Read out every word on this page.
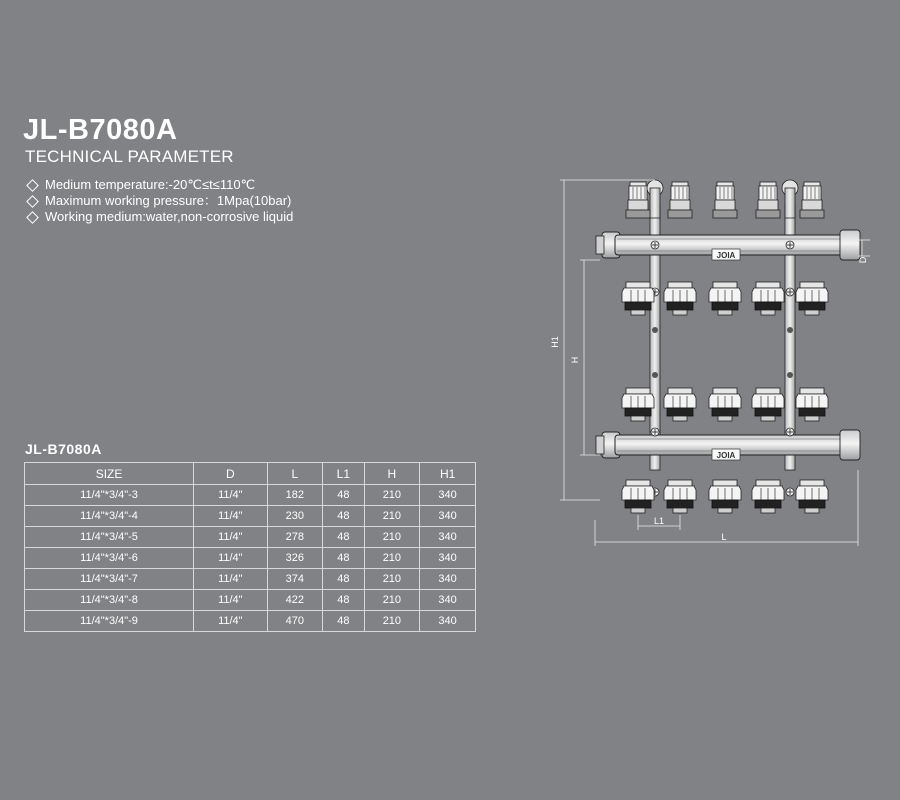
JL-B7080A
TECHNICAL PARAMETER
Medium temperature:-20℃≤t≤110℃
Maximum working pressure：1Mpa(10bar)
Working medium:water,non-corrosive liquid
JL-B7080A
SIZE	D	L	L1	H	H1
11/4"*3/4"-3	11/4"	182	48	210	340
11/4"*3/4"-4	11/4"	230	48	210	340
11/4"*3/4"-5	11/4"	278	48	210	340
11/4"*3/4"-6	11/4"	326	48	210	340
11/4"*3/4"-7	11/4"	374	48	210	340
11/4"*3/4"-8	11/4"	422	48	210	340
11/4"*3/4"-9	11/4"	470	48	210	340
JOIA
JOIA
H1
H
D
L1
L
